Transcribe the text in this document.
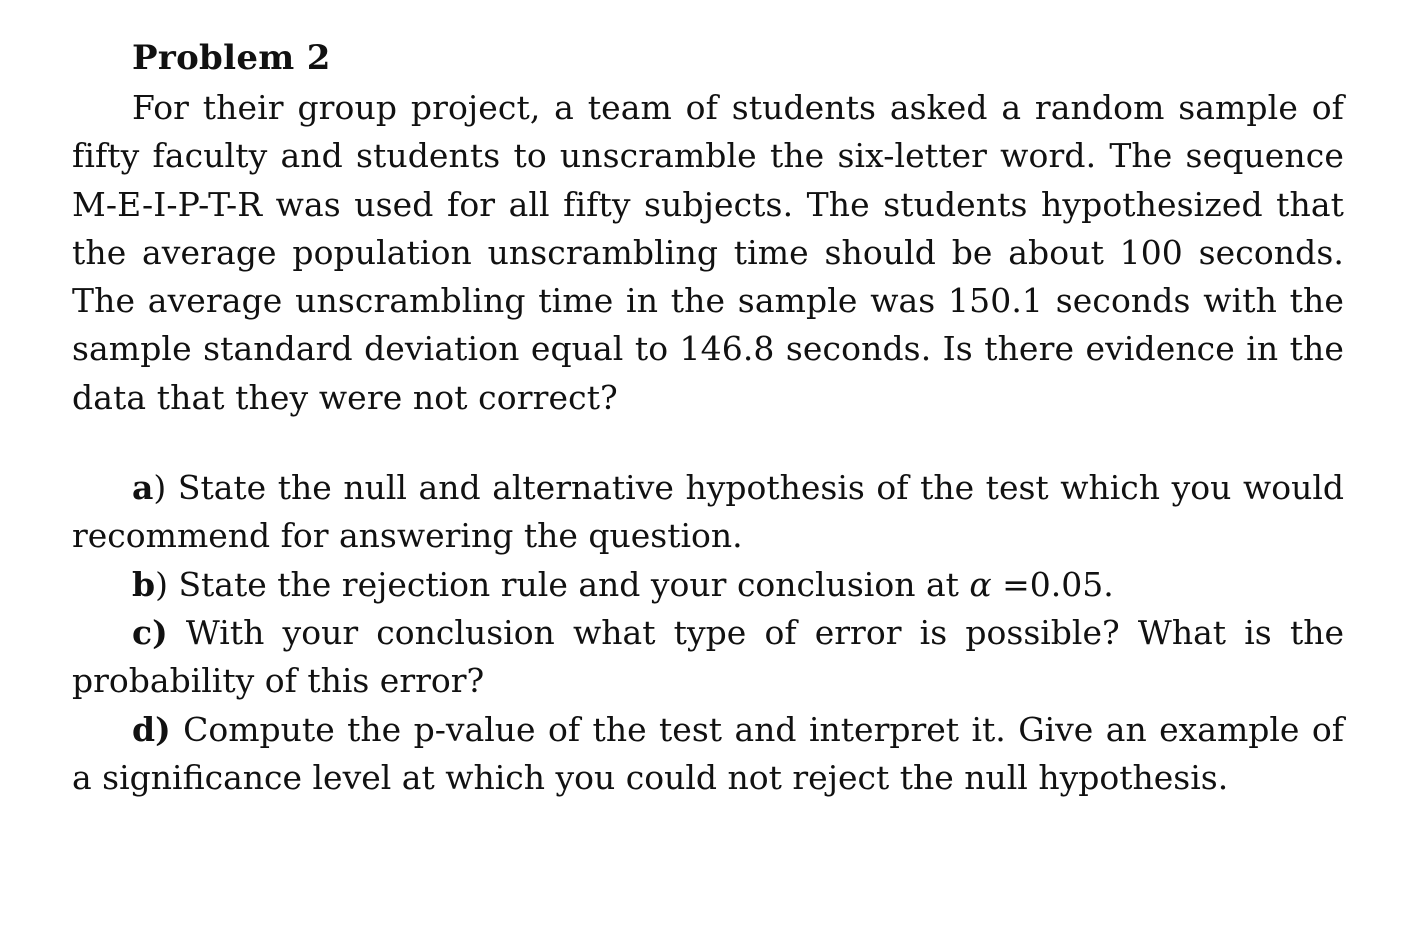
Problem 2

For their group project, a team of students asked a random sample of fifty faculty and students to unscramble the six-letter word. The sequence M-E-I-P-T-R was used for all fifty subjects. The students hypothesized that the average population unscrambling time should be about 100 seconds. The average unscrambling time in the sample was 150.1 seconds with the sample standard deviation equal to 146.8 seconds. Is there evidence in the data that they were not correct?

a) State the null and alternative hypothesis of the test which you would recommend for answering the question.

b) State the rejection rule and your conclusion at α =0.05.

c) With your conclusion what type of error is possible? What is the probability of this error?

d) Compute the p-value of the test and interpret it. Give an example of a significance level at which you could not reject the null hypothesis.
